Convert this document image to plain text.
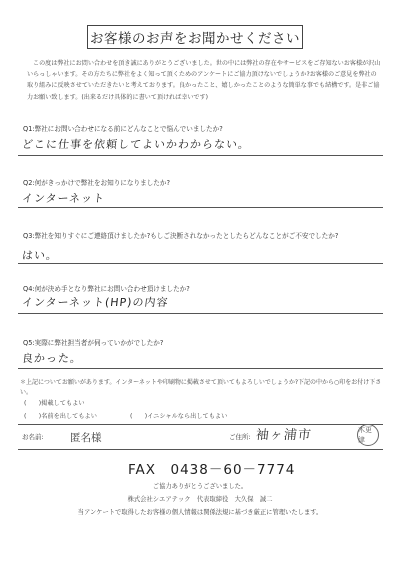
お客様のお声をお聞かせください
この度は弊社にお問い合わせを頂き誠にありがとうございました。世の中には弊社の存在やサービスをご存知ないお客様が沢山いらっしゃいます。その方たちに弊社をよく知って頂くためのアンケートにご協力頂けないでしょうか?お客様のご意見を弊社の取り組みに反映させていただきたいと考えております。良かったこと、嬉しかったことのような簡単な事でも結構です。是非ご協力お願い致します。(出来るだけ具体的に書いて頂ければ幸いです)
Q1:弊社にお問い合わせになる前にどんなことで悩んでいましたか?
どこに仕事を依頼してよいかわからない。
Q2:何がきっかけで弊社をお知りになりましたか?
インターネット
Q3:弊社を知りすぐにご連絡頂けましたか?もしご決断されなかったとしたらどんなことがご不安でしたか?
はい。
Q4:何が決め手となり弊社にお問い合わせ頂けましたか?
インターネット(HP)の内容
Q5:実際に弊社担当者が伺っていかがでしたか?
良かった。
＊上記についてお願いがあります。インターネットや印刷物に掲載させて頂いてもよろしいでしょうか?下記の中から○印をお付け下さい。
(　　)掲載してもよい
(　　)名前を出してもよい	(　　)イニシャルなら出してもよい
お名前:	匿名様	ご住所: 袖ヶ浦市	木更津
FAX　0438－60－7774
ご協力ありがとうございました。
株式会社シエアテック　代表取締役　大久保　誠二
当アンケートで取得したお客様の個人情報は関係法規に基づき厳正に管理いたします。
